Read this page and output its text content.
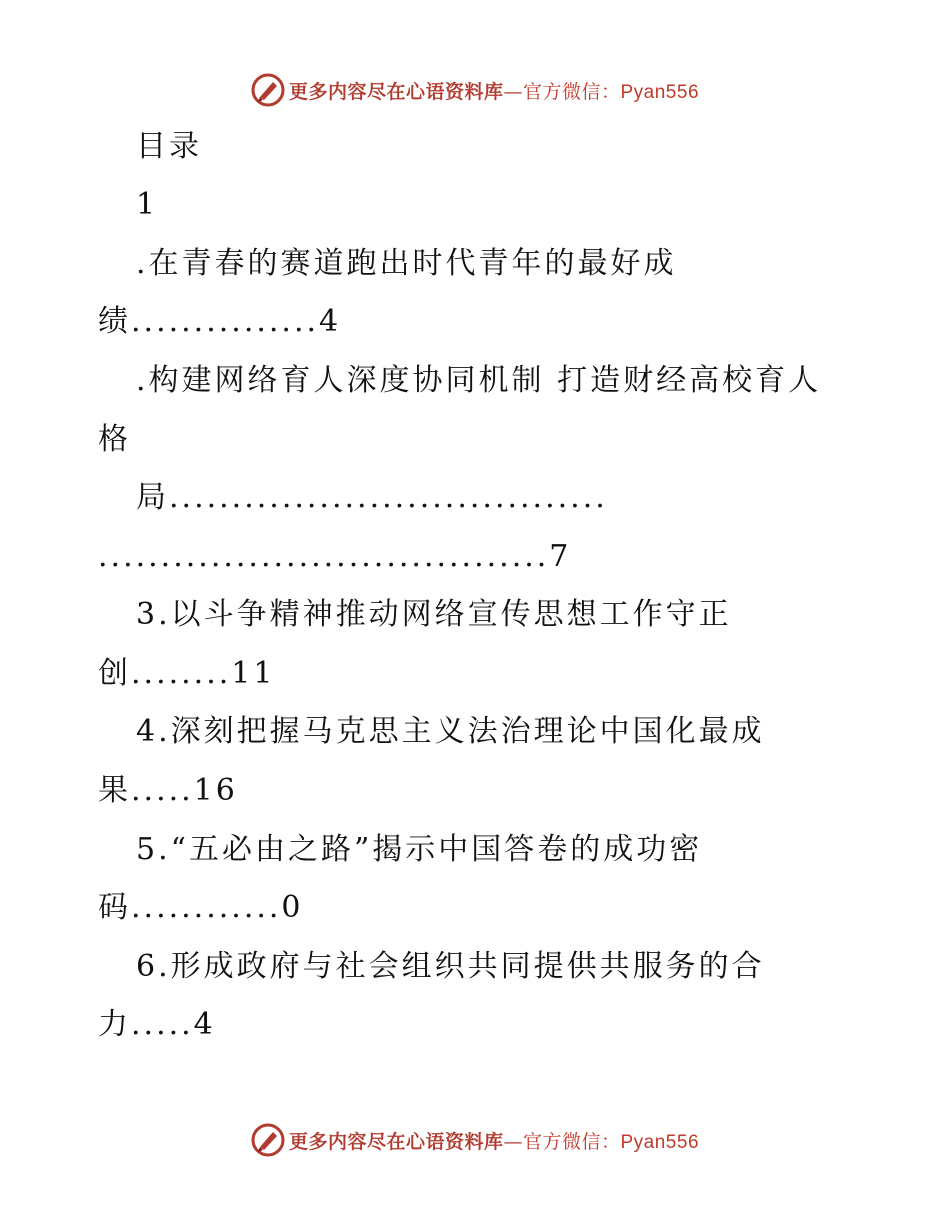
更多内容尽在心语资料库—官方微信：Pyan556
目录
1
.在青春的赛道跑出时代青年的最好成
绩...............4
.构建网络育人深度协同机制 打造财经高校育人
格
局...................................
....................................7
3.以斗争精神推动网络宣传思想工作守正
创........11
4.深刻把握马克思主义法治理论中国化最成
果.....16
5.“五必由之路”揭示中国答卷的成功密
码............0
6.形成政府与社会组织共同提供共服务的合
力.....4
更多内容尽在心语资料库—官方微信：Pyan556
